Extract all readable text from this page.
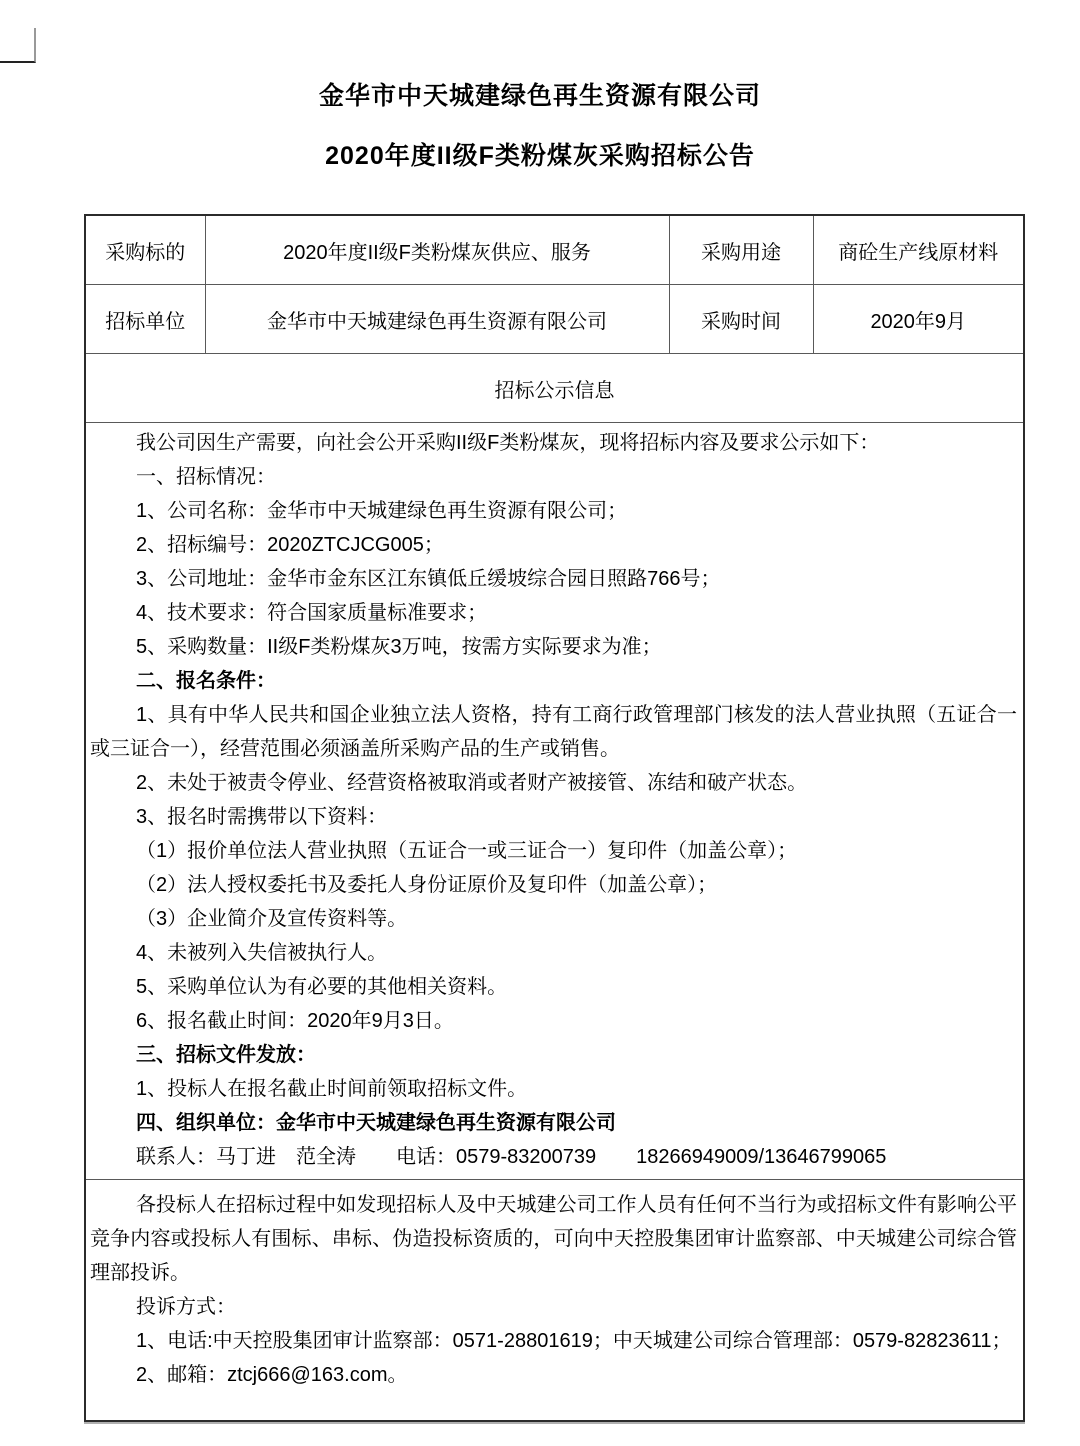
金华市中天城建绿色再生资源有限公司
2020年度II级F类粉煤灰采购招标公告
采购标的	2020年度II级F类粉煤灰供应、服务	采购用途	商砼生产线原材料
招标单位	金华市中天城建绿色再生资源有限公司	采购时间	2020年9月
招标公示信息			

我公司因生产需要，向社会公开采购II级F类粉煤灰，现将招标内容及要求公示如下：

一、招标情况：

1、公司名称：金华市中天城建绿色再生资源有限公司；

2、招标编号：2020ZTCJCG005；

3、公司地址：金华市金东区江东镇低丘缓坡综合园日照路766号；

4、技术要求：符合国家质量标准要求；

5、采购数量：II级F类粉煤灰3万吨，按需方实际要求为准；

二、报名条件：

1、具有中华人民共和国企业独立法人资格，持有工商行政管理部门核发的法人营业执照（五证合一或三证合一），经营范围必须涵盖所采购产品的生产或销售。

2、未处于被责令停业、经营资格被取消或者财产被接管、冻结和破产状态。

3、报名时需携带以下资料：

（1）报价单位法人营业执照（五证合一或三证合一）复印件（加盖公章）；

（2）法人授权委托书及委托人身份证原价及复印件（加盖公章）；

（3）企业简介及宣传资料等。

4、未被列入失信被执行人。

5、采购单位认为有必要的其他相关资料。

6、报名截止时间：2020年9月3日。

三、招标文件发放：

1、投标人在报名截止时间前领取招标文件。

四、组织单位：金华市中天城建绿色再生资源有限公司

联系人：马丁进　范全涛　　电话：0579-83200739　　18266949009/13646799065

各投标人在招标过程中如发现招标人及中天城建公司工作人员有任何不当行为或招标文件有影响公平竞争内容或投标人有围标、串标、伪造投标资质的，可向中天控股集团审计监察部、中天城建公司综合管理部投诉。

投诉方式：

1、电话:中天控股集团审计监察部：0571-28801619；中天城建公司综合管理部：0579-82823611；

2、邮箱：ztcj666@163.com。			
